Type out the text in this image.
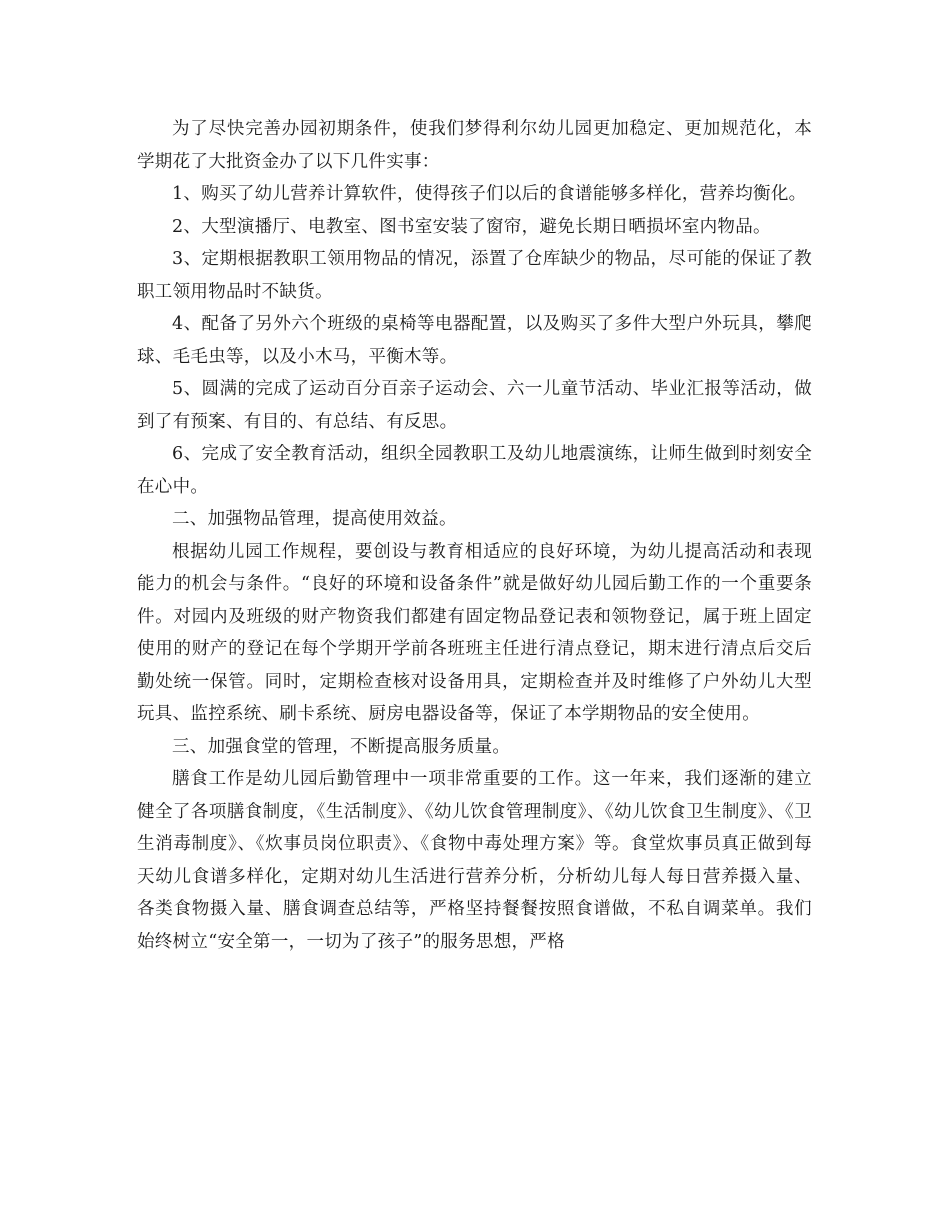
为了尽快完善办园初期条件，使我们梦得利尔幼儿园更加稳定、更加规范化，本学期花了大批资金办了以下几件实事：

1、购买了幼儿营养计算软件，使得孩子们以后的食谱能够多样化，营养均衡化。

2、大型演播厅、电教室、图书室安装了窗帘，避免长期日晒损坏室内物品。

3、定期根据教职工领用物品的情况，添置了仓库缺少的物品，尽可能的保证了教职工领用物品时不缺货。

4、配备了另外六个班级的桌椅等电器配置，以及购买了多件大型户外玩具，攀爬球、毛毛虫等，以及小木马，平衡木等。

5、圆满的完成了运动百分百亲子运动会、六一儿童节活动、毕业汇报等活动，做到了有预案、有目的、有总结、有反思。

6、完成了安全教育活动，组织全园教职工及幼儿地震演练，让师生做到时刻安全在心中。

二、加强物品管理，提高使用效益。

根据幼儿园工作规程，要创设与教育相适应的良好环境，为幼儿提高活动和表现能力的机会与条件。“良好的环境和设备条件”就是做好幼儿园后勤工作的一个重要条件。对园内及班级的财产物资我们都建有固定物品登记表和领物登记，属于班上固定使用的财产的登记在每个学期开学前各班班主任进行清点登记，期末进行清点后交后勤处统一保管。同时，定期检查核对设备用具，定期检查并及时维修了户外幼儿大型玩具、监控系统、刷卡系统、厨房电器设备等，保证了本学期物品的安全使用。

三、加强食堂的管理，不断提高服务质量。

膳食工作是幼儿园后勤管理中一项非常重要的工作。这一年来，我们逐渐的建立健全了各项膳食制度，《生活制度》、《幼儿饮食管理制度》、《幼儿饮食卫生制度》、《卫生消毒制度》、《炊事员岗位职责》、《食物中毒处理方案》等。食堂炊事员真正做到每天幼儿食谱多样化，定期对幼儿生活进行营养分析，分析幼儿每人每日营养摄入量、各类食物摄入量、膳食调查总结等，严格坚持餐餐按照食谱做，不私自调菜单。我们始终树立“安全第一，一切为了孩子”的服务思想，严格
